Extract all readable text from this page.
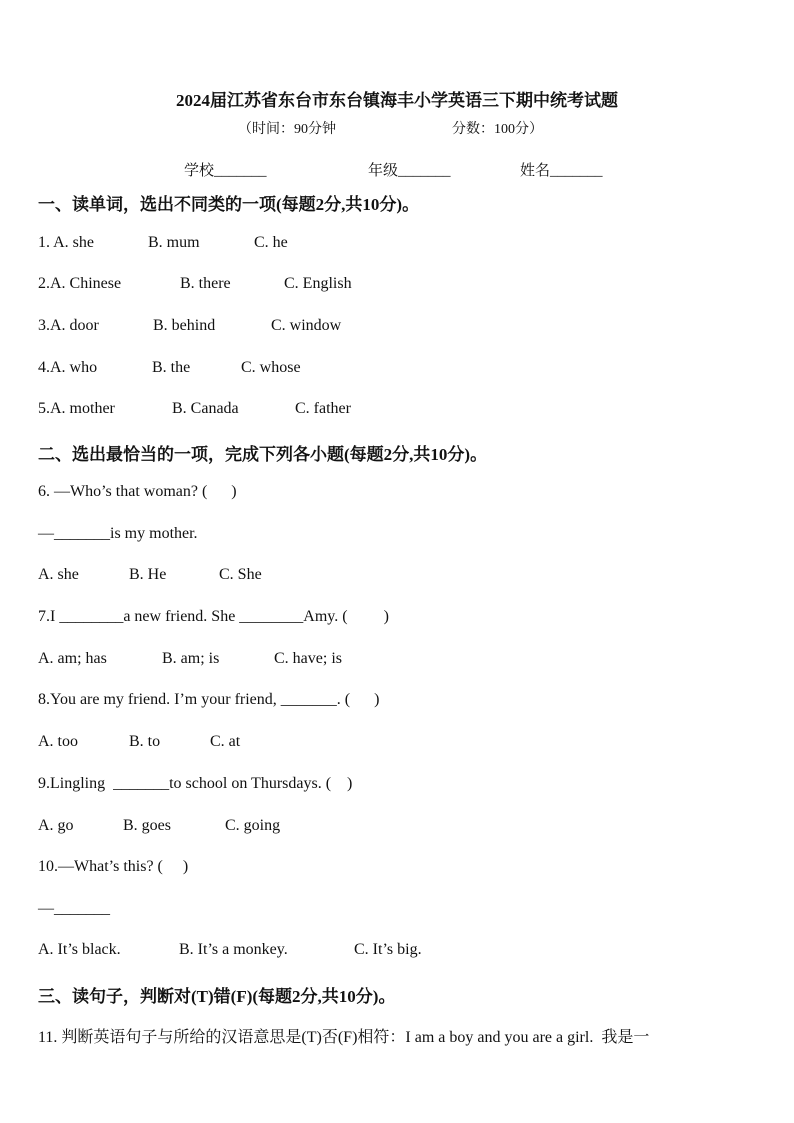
2024届江苏省东台市东台镇海丰小学英语三下期中统考试题
（时间：90分钟	分数：100分）
学校_______	年级_______	姓名_______
一、读单词，选出不同类的一项(每题2分,共10分)。
1. A. she	B. mum	C. he
2.A. Chinese	B. there	C. English
3.A. door	B. behind	C. window
4.A. who	B. the	C. whose
5.A. mother	B. Canada	C. father
二、选出最恰当的一项，完成下列各小题(每题2分,共10分)。
6. —Who’s that woman? (      )
—_______is my mother.
A. she	B. He	C. She
7.I ________a new friend. She ________Amy. (         )
A. am; has	B. am; is	C. have; is
8.You are my friend. I’m your friend, _______. (      )
A. too	B. to	C. at
9.Lingling  _______to school on Thursdays. (    )
A. go	B. goes	C. going
10.—What’s this? (     )
—_______
A. It’s black.	B. It’s a monkey.	C. It’s big.
三、读句子，判断对(T)错(F)(每题2分,共10分)。
11. 判断英语句子与所给的汉语意思是(T)否(F)相符：I am a boy and you are a girl.  我是一
